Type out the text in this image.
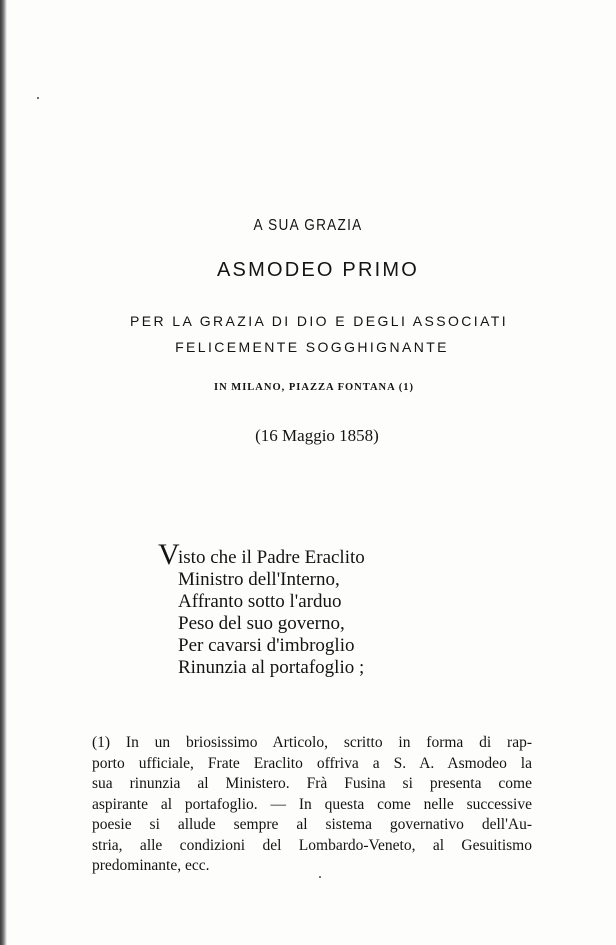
A SUA GRAZIA
ASMODEO PRIMO
PER LA GRAZIA DI DIO E DEGLI ASSOCIATI
FELICEMENTE SOGGHIGNANTE
IN MILANO, PIAZZA FONTANA (1)
(16 Maggio 1858)
V
isto che il Padre Eraclito
Ministro dell'Interno,
Affranto sotto l'arduo
Peso del suo governo,
Per cavarsi d'imbroglio
Rinunzia al portafoglio ;
(1) In un briosissimo Articolo, scritto in forma di rap-
porto ufficiale, Frate Eraclito offriva a S. A. Asmodeo la
sua rinunzia al Ministero. Frà Fusina si presenta come
aspirante al portafoglio. — In questa come nelle successive
poesie si allude sempre al sistema governativo dell'Au-
stria, alle condizioni del Lombardo-Veneto, al Gesuitismo
predominante, ecc.
